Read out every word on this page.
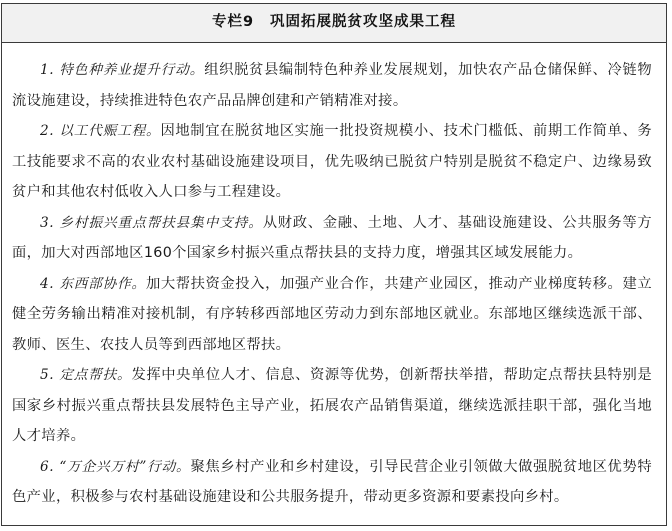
专栏9 巩固拓展脱贫攻坚成果工程

1. 特色种养业提升行动。组织脱贫县编制特色种养业发展规划，加快农产品仓储保鲜、冷链物流设施建设，持续推进特色农产品品牌创建和产销精准对接。

2. 以工代赈工程。因地制宜在脱贫地区实施一批投资规模小、技术门槛低、前期工作简单、务工技能要求不高的农业农村基础设施建设项目，优先吸纳已脱贫户特别是脱贫不稳定户、边缘易致贫户和其他农村低收入人口参与工程建设。

3. 乡村振兴重点帮扶县集中支持。从财政、金融、土地、人才、基础设施建设、公共服务等方面，加大对西部地区160个国家乡村振兴重点帮扶县的支持力度，增强其区域发展能力。

4. 东西部协作。加大帮扶资金投入，加强产业合作，共建产业园区，推动产业梯度转移。建立健全劳务输出精准对接机制，有序转移西部地区劳动力到东部地区就业。东部地区继续选派干部、教师、医生、农技人员等到西部地区帮扶。

5. 定点帮扶。发挥中央单位人才、信息、资源等优势，创新帮扶举措，帮助定点帮扶县特别是国家乡村振兴重点帮扶县发展特色主导产业，拓展农产品销售渠道，继续选派挂职干部，强化当地人才培养。

6. “万企兴万村”行动。聚焦乡村产业和乡村建设，引导民营企业引领做大做强脱贫地区优势特色产业，积极参与农村基础设施建设和公共服务提升，带动更多资源和要素投向乡村。
